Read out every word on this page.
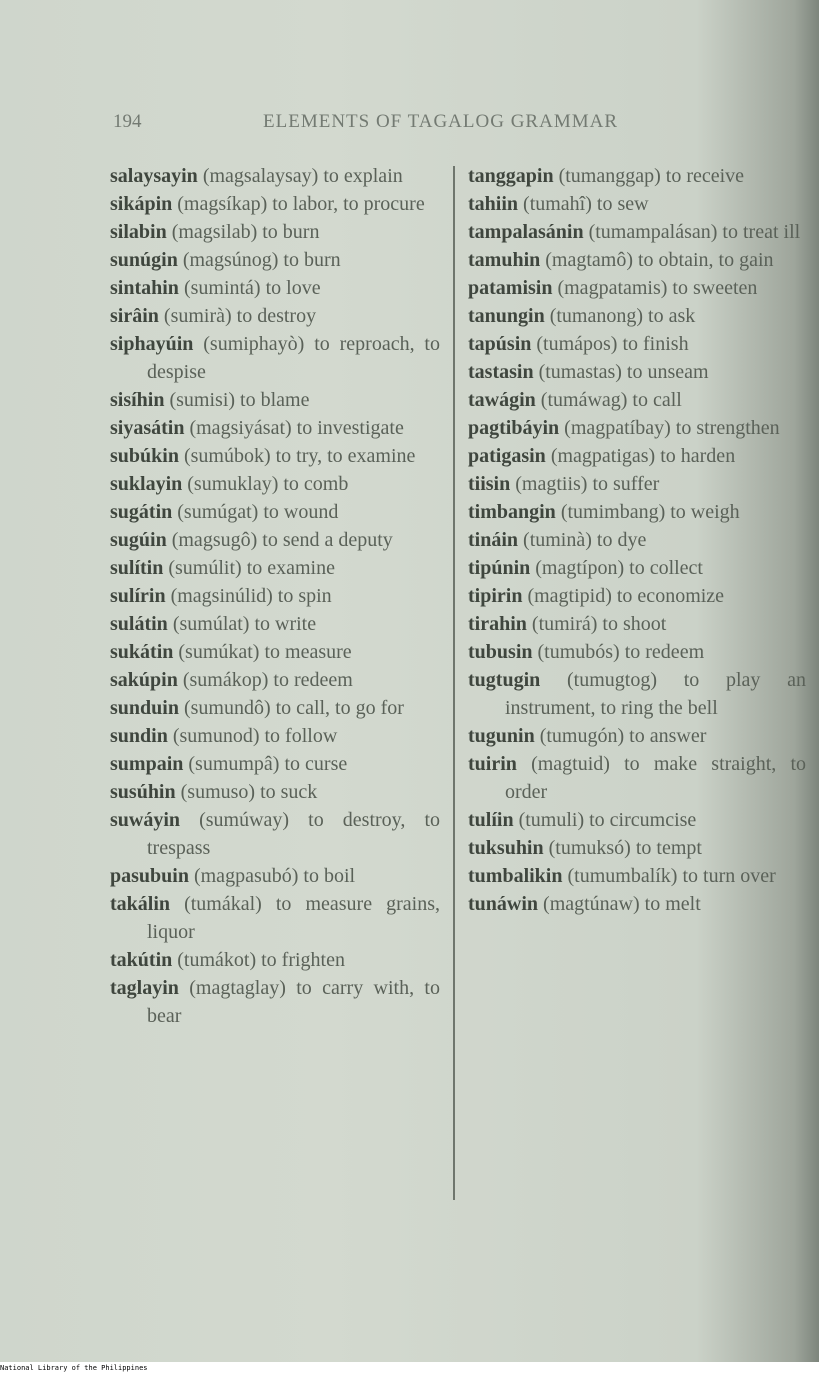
194	ELEMENTS OF TAGALOG GRAMMAR

salaysayin (magsalaysay) to explain

sikápin (magsíkap) to labor, to procure

silabin (magsilab) to burn

sunúgin (magsúnog) to burn

sintahin (sumintá) to love

sirâin (sumirà) to destroy

siphayúin (sumiphayò) to reproach, to despise

sisíhin (sumisi) to blame

siyasátin (magsiyásat) to investigate

subúkin (sumúbok) to try, to examine

suklayin (sumuklay) to comb

sugátin (sumúgat) to wound

sugúin (magsugô) to send a deputy

sulítin (sumúlit) to examine

sulírin (magsinúlid) to spin

sulátin (sumúlat) to write

sukátin (sumúkat) to measure

sakúpin (sumákop) to redeem

sunduin (sumundô) to call, to go for

sundin (sumunod) to follow

sumpain (sumumpâ) to curse

susúhin (sumuso) to suck

suwáyin (sumúway) to destroy, to trespass

pasubuin (magpasubó) to boil

takálin (tumákal) to measure grains, liquor

takútin (tumákot) to frighten

taglayin (magtaglay) to carry with, to bear

tanggapin (tumanggap) to receive

tahiin (tumahî) to sew

tampalasánin (tumampalásan) to treat ill

tamuhin (magtamô) to obtain, to gain

patamisin (magpatamis) to sweeten

tanungin (tumanong) to ask

tapúsin (tumápos) to finish

tastasin (tumastas) to unseam

tawágin (tumáwag) to call

pagtibáyin (magpatíbay) to strengthen

patigasin (magpatigas) to harden

tiisin (magtiis) to suffer

timbangin (tumimbang) to weigh

tináin (tuminà) to dye

tipúnin (magtípon) to collect

tipirin (magtipid) to economize

tirahin (tumirá) to shoot

tubusin (tumubós) to redeem

tugtugin (tumugtog) to play an instrument, to ring the bell

tugunin (tumugón) to answer

tuirin (magtuid) to make straight, to order

tulíin (tumuli) to circumcise

tuksuhin (tumuksó) to tempt

tumbalikin (tumumbalík) to turn over

tunáwin (magtúnaw) to melt

National Library of the Philippines
